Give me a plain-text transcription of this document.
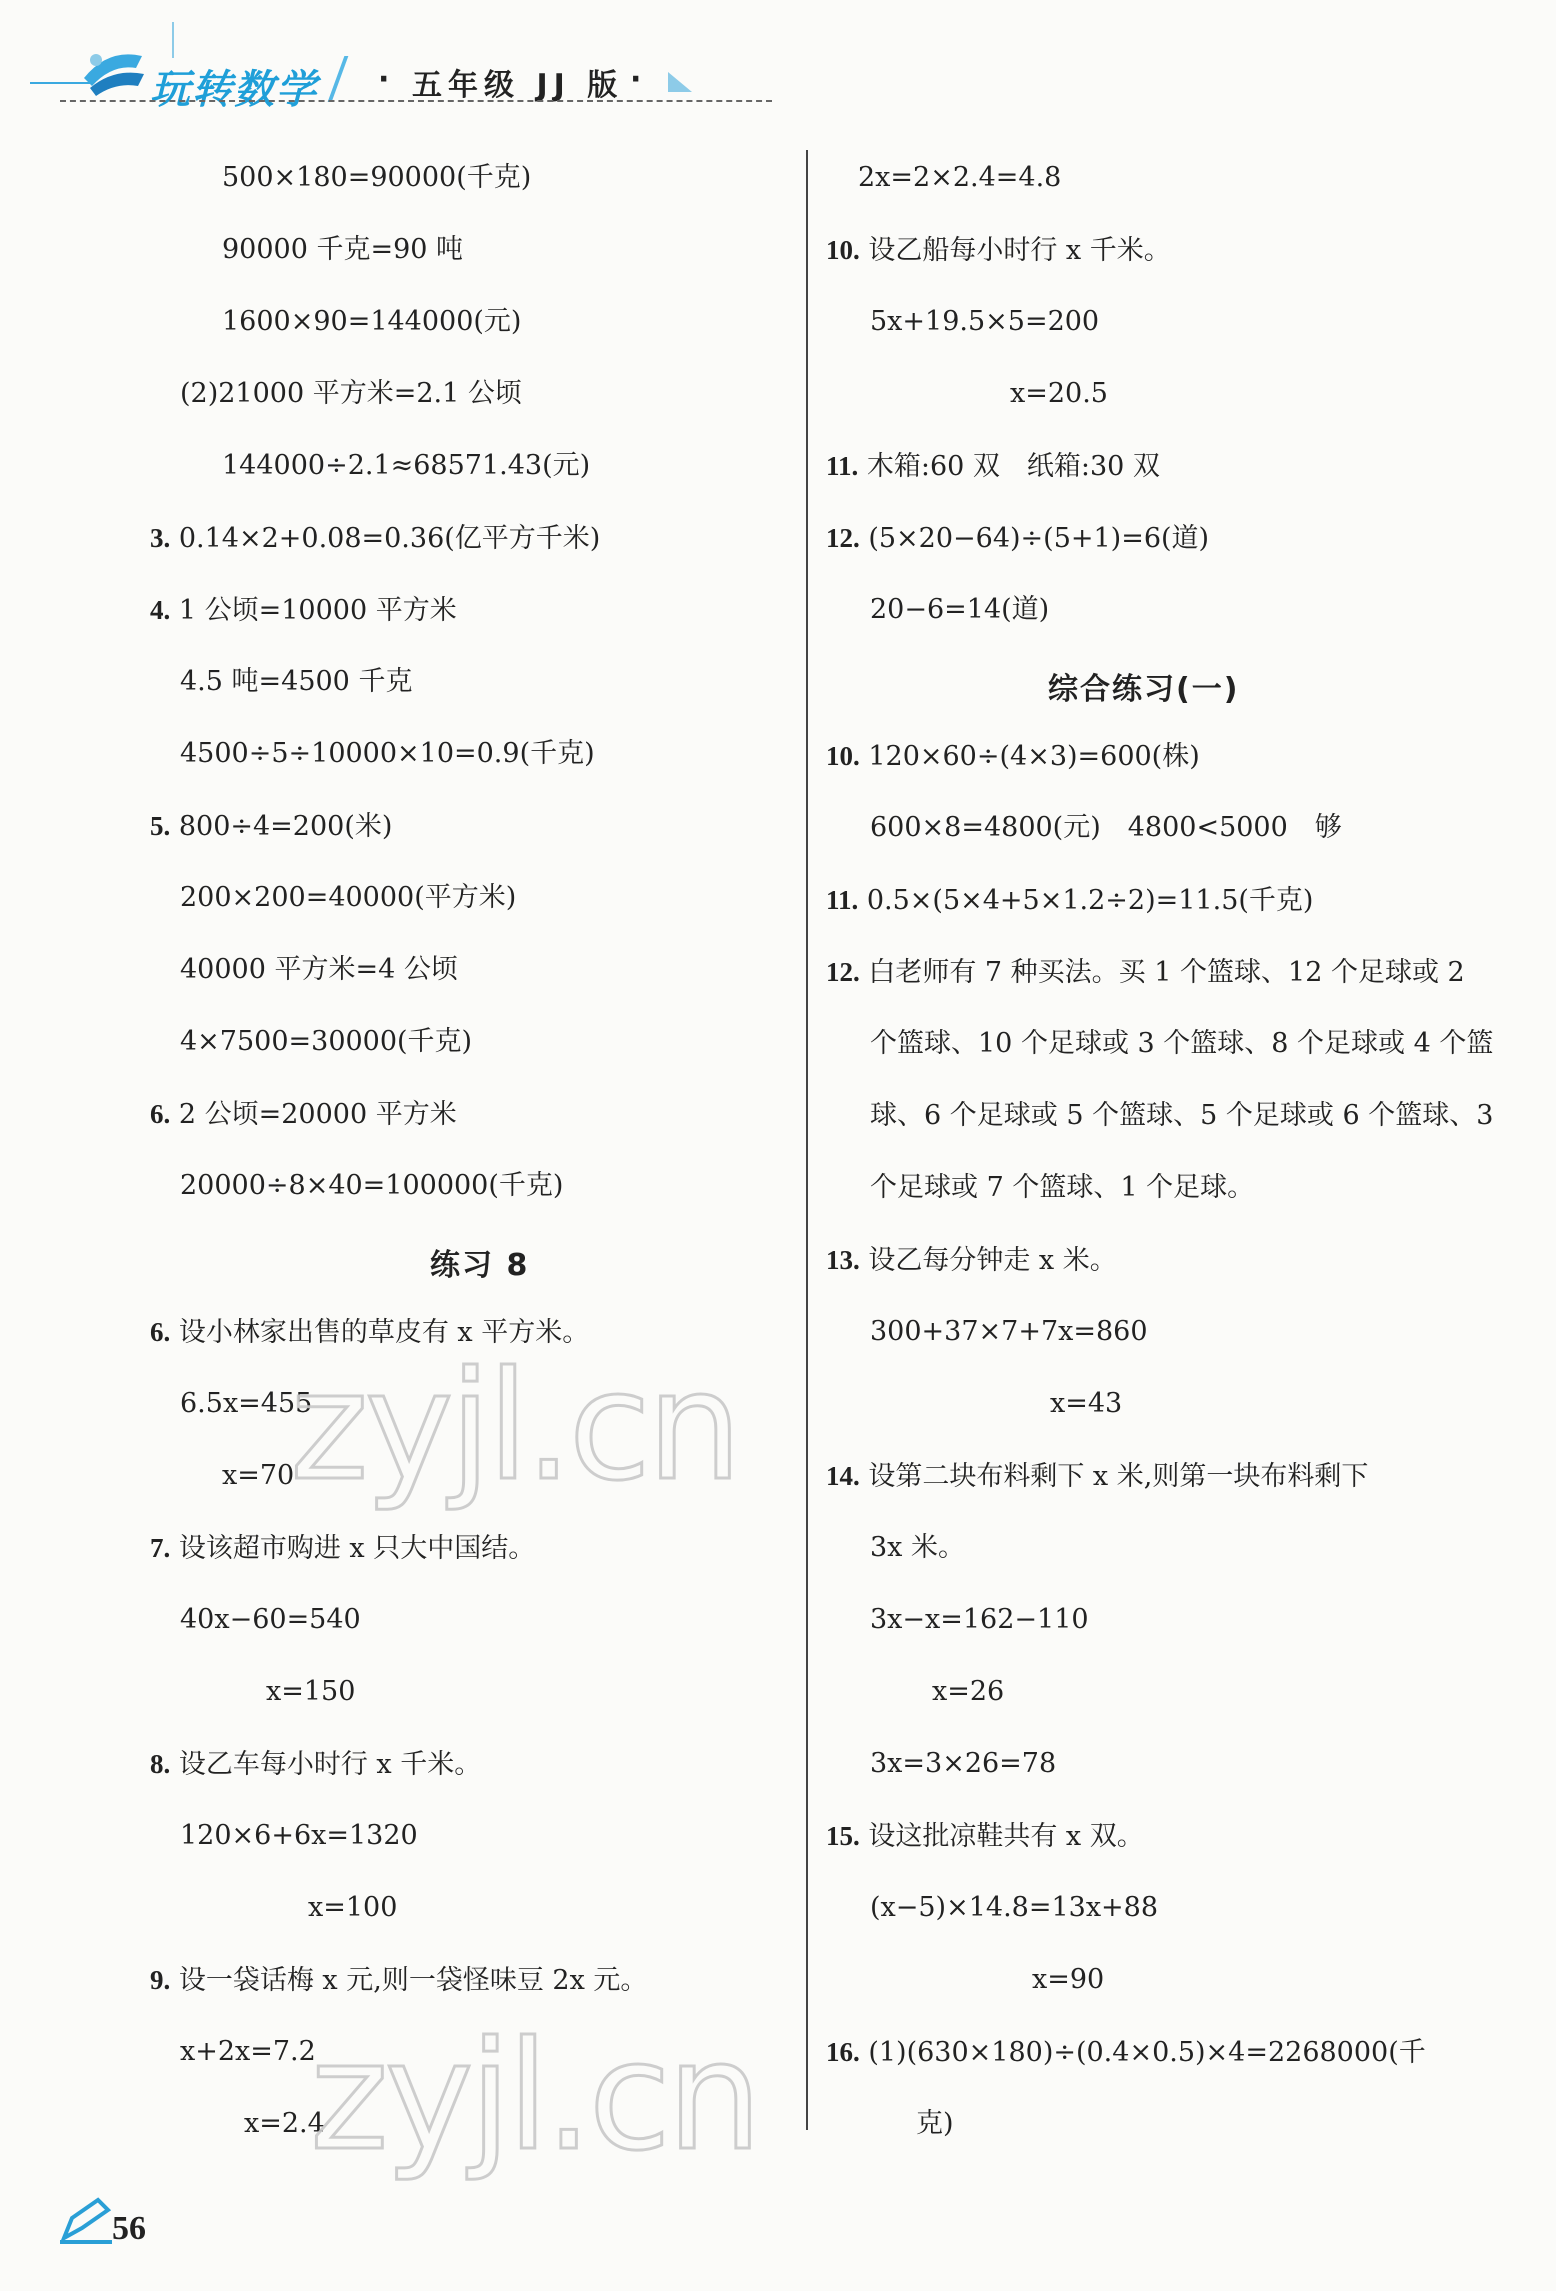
玩转数学 · 五年级 JJ 版 ·
500×180=90000(千克)
90000 千克=90 吨
1600×90=144000(元)
(2)21000 平方米=2.1 公顷
144000÷2.1≈68571.43(元)
3. 0.14×2+0.08=0.36(亿平方千米)
4. 1 公顷=10000 平方米
4.5 吨=4500 千克
4500÷5÷10000×10=0.9(千克)
5. 800÷4=200(米)
200×200=40000(平方米)
40000 平方米=4 公顷
4×7500=30000(千克)
6. 2 公顷=20000 平方米
20000÷8×40=100000(千克)
练习 8
6. 设小林家出售的草皮有 x 平方米。
6.5x=455
x=70
7. 设该超市购进 x 只大中国结。
40x−60=540
x=150
8. 设乙车每小时行 x 千米。
120×6+6x=1320
x=100
9. 设一袋话梅 x 元,则一袋怪味豆 2x 元。
x+2x=7.2
x=2.4
2x=2×2.4=4.8
10. 设乙船每小时行 x 千米。
5x+19.5×5=200
x=20.5
11. 木箱:60 双　纸箱:30 双
12. (5×20−64)÷(5+1)=6(道)
20−6=14(道)
综合练习(一)
10. 120×60÷(4×3)=600(株)
600×8=4800(元)　4800<5000　够
11. 0.5×(5×4+5×1.2÷2)=11.5(千克)
12. 白老师有 7 种买法。买 1 个篮球、12 个足球或 2
个篮球、10 个足球或 3 个篮球、8 个足球或 4 个篮
球、6 个足球或 5 个篮球、5 个足球或 6 个篮球、3
个足球或 7 个篮球、1 个足球。
13. 设乙每分钟走 x 米。
300+37×7+7x=860
x=43
14. 设第二块布料剩下 x 米,则第一块布料剩下
3x 米。
3x−x=162−110
x=26
3x=3×26=78
15. 设这批凉鞋共有 x 双。
(x−5)×14.8=13x+88
x=90
16. (1)(630×180)÷(0.4×0.5)×4=2268000(千
克)
zyjl.cn
zyjl.cn
56
